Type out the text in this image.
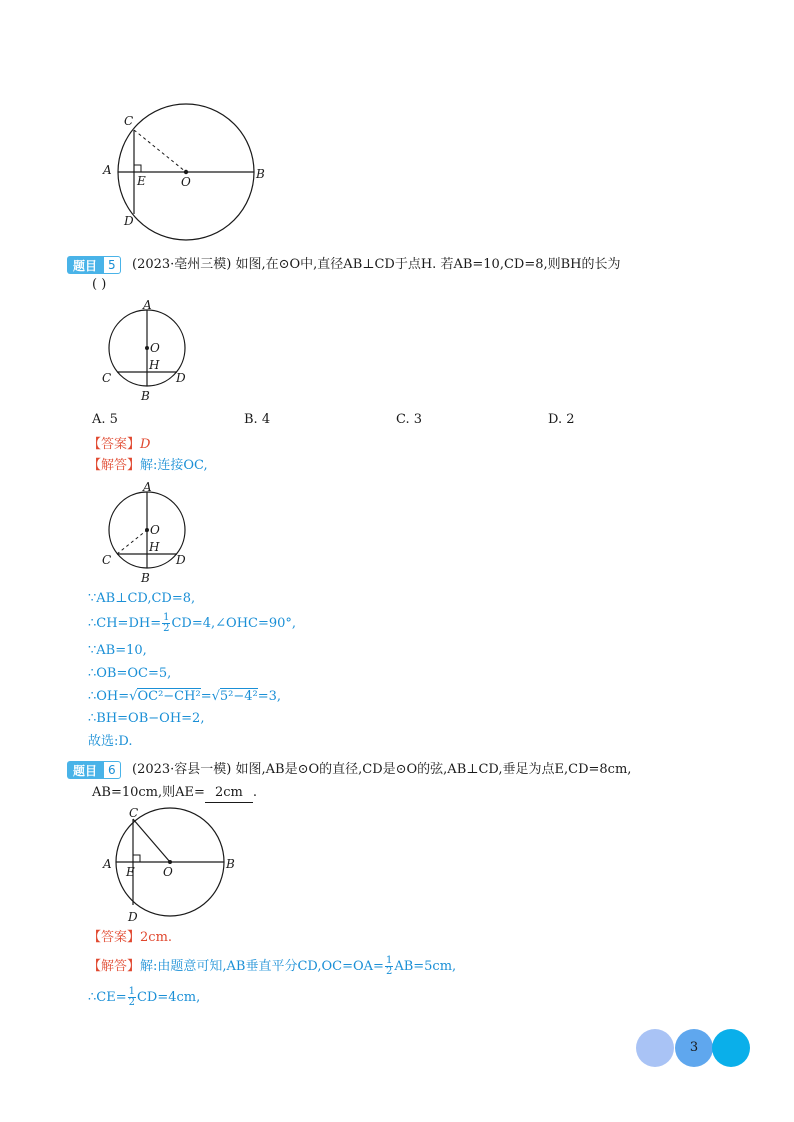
C
A
E	O
B
D
题目 5	(2023·亳州三模) 如图,在⊙O中,直径AB⊥CD于点H. 若AB=10,CD=8,则BH的长为
( )
A
O
H
C	D
B
A. 5	B. 4	C. 3	D. 2
【答案】D
【解答】解:连接OC,
A
O
H
C	D
B
∵AB⊥CD,CD=8,
∴CH=DH= $\frac{1}{2}$ CD=4,∠OHC=90°,
∵AB=10,
∴OB=OC=5,
∴OH=√OC²−CH²=√5²−4²=3,
∴BH=OB−OH=2,
故选:D.
题目 6	(2023·容县一模) 如图,AB是⊙O的直径,CD是⊙O的弦,AB⊥CD,垂足为点E,CD=8cm,
AB=10cm,则AE= 2cm .
C
A
E O
B
D
【答案】2cm.
【解答】解:由题意可知,AB垂直平分$CD,OC=OA= \frac{1}{2} AB=5cm$,
∴CE= $\frac{1}{2} CD=4cm$,
3
